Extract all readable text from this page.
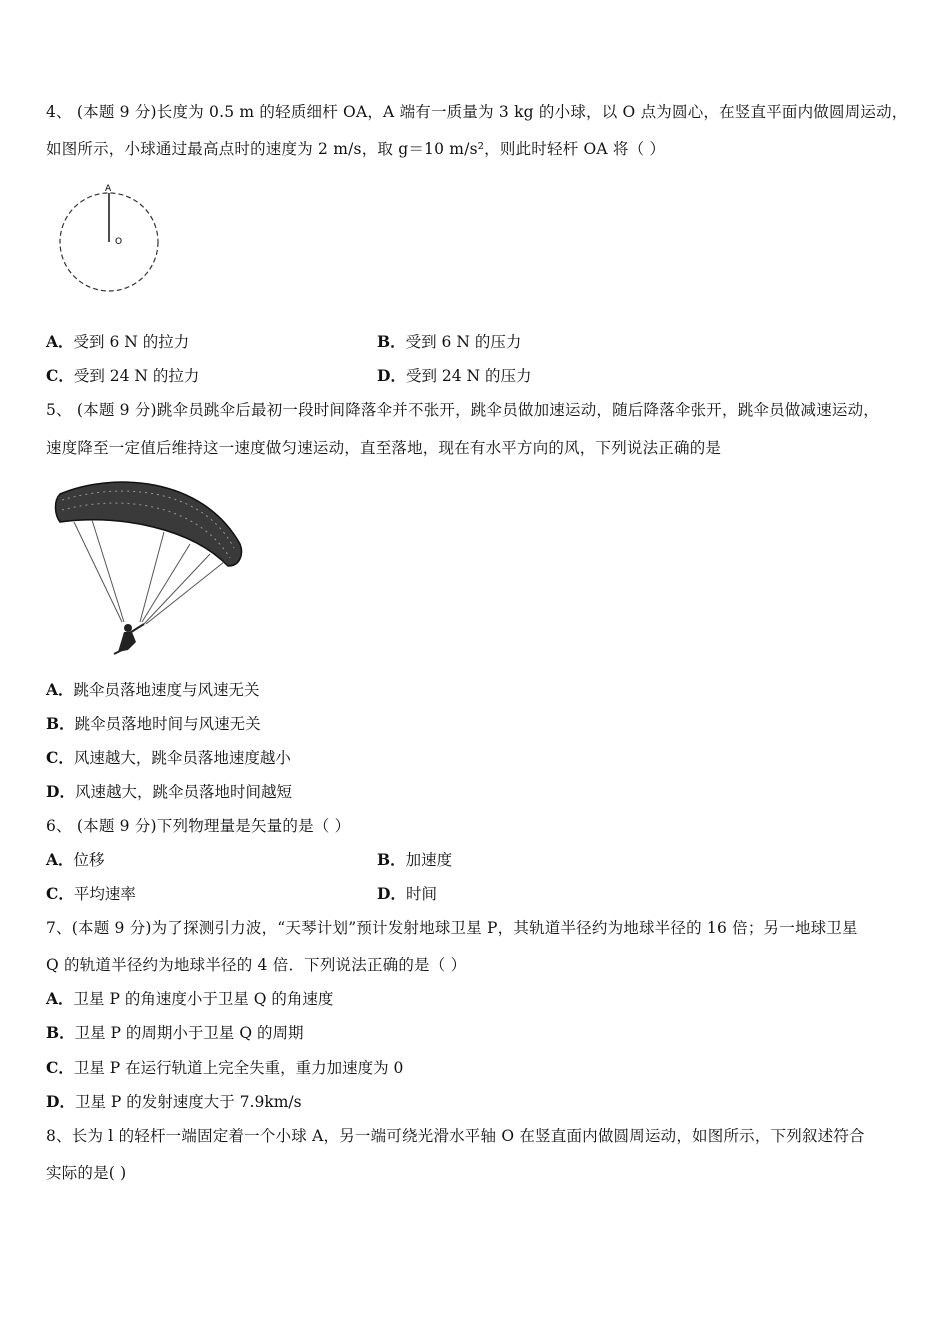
4、 (本题 9 分)长度为 0.5 m 的轻质细杆 OA，A 端有一质量为 3 kg 的小球，以 O 点为圆心，在竖直平面内做圆周运动，
如图所示，小球通过最高点时的速度为 2 m/s，取 g＝10 m/s²，则此时轻杆 OA 将（ ）
A
O
A．受到 6 N 的拉力	B．受到 6 N 的压力
C．受到 24 N 的拉力	D．受到 24 N 的压力
5、 (本题 9 分)跳伞员跳伞后最初一段时间降落伞并不张开，跳伞员做加速运动，随后降落伞张开，跳伞员做减速运动，
速度降至一定值后维持这一速度做匀速运动，直至落地，现在有水平方向的风，下列说法正确的是
A．跳伞员落地速度与风速无关
B．跳伞员落地时间与风速无关
C．风速越大，跳伞员落地速度越小
D．风速越大，跳伞员落地时间越短
6、 (本题 9 分)下列物理量是矢量的是（ ）
A．位移	B．加速度
C．平均速率	D．时间
7、(本题 9 分)为了探测引力波，“天琴计划”预计发射地球卫星 P，其轨道半径约为地球半径的 16 倍；另一地球卫星
Q 的轨道半径约为地球半径的 4 倍．下列说法正确的是（ ）
A．卫星 P 的角速度小于卫星 Q 的角速度
B．卫星 P 的周期小于卫星 Q 的周期
C．卫星 P 在运行轨道上完全失重，重力加速度为 0
D．卫星 P 的发射速度大于 7.9km/s
8、长为 l 的轻杆一端固定着一个小球 A，另一端可绕光滑水平轴 O 在竖直面内做圆周运动，如图所示，下列叙述符合
实际的是( )
